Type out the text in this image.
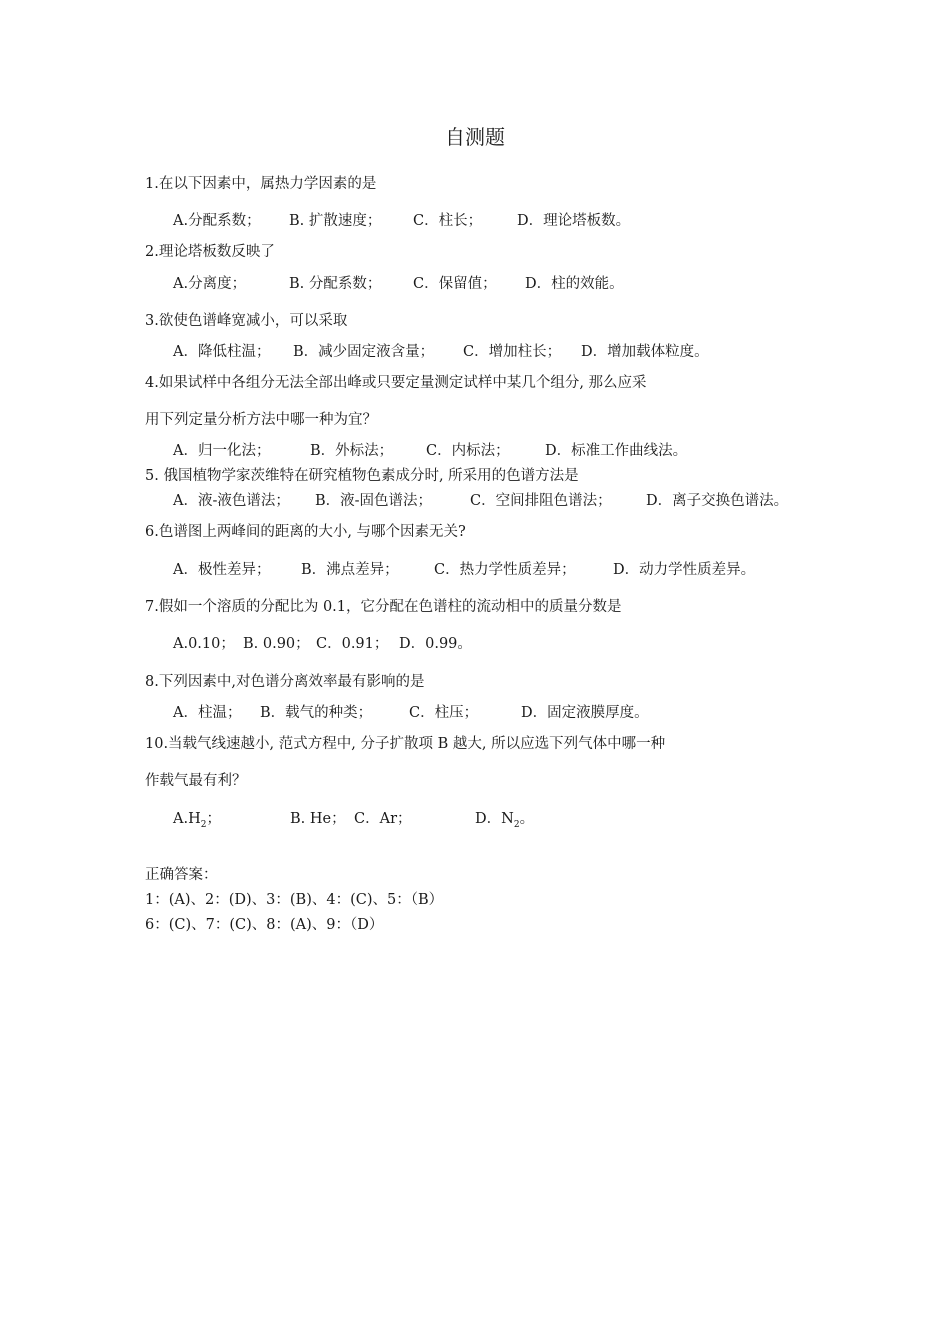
自测题
1.在以下因素中，属热力学因素的是
A.分配系数； B. 扩散速度； C．柱长； D．理论塔板数。
2.理论塔板数反映了
A.分离度；	B. 分配系数； C．保留值； D．柱的效能。
3.欲使色谱峰宽减小，可以采取
A．降低柱温； B．减少固定液含量； C．增加柱长； D．增加载体粒度。
4.如果试样中各组分无法全部出峰或只要定量测定试样中某几个组分, 那么应采
用下列定量分析方法中哪一种为宜？
A．归一化法；	B．外标法； C．内标法； D．标准工作曲线法。
5. 俄国植物学家茨维特在研究植物色素成分时, 所采用的色谱方法是
A．液-液色谱法； B．液-固色谱法；	C．空间排阻色谱法； D．离子交换色谱法。
6.色谱图上两峰间的距离的大小, 与哪个因素无关?
A．极性差异； B．沸点差异； C．热力学性质差异；	D．动力学性质差异。
7.假如一个溶质的分配比为 0.1，它分配在色谱柱的流动相中的质量分数是
A.0.10； B. 0.90； C．0.91； D．0.99。
8.下列因素中,对色谱分离效率最有影响的是
A．柱温； B．载气的种类；	C．柱压；	D．固定液膜厚度。
10.当载气线速越小, 范式方程中, 分子扩散项 B 越大, 所以应选下列气体中哪一种
作载气最有利？
$A.H_2$；	B. He； C．Ar；	D．$N_2$。
正确答案：
1：(A)、2：(D)、3：(B)、4：(C)、5：（B）
6：(C)、7：(C)、8：(A)、9：（D）
